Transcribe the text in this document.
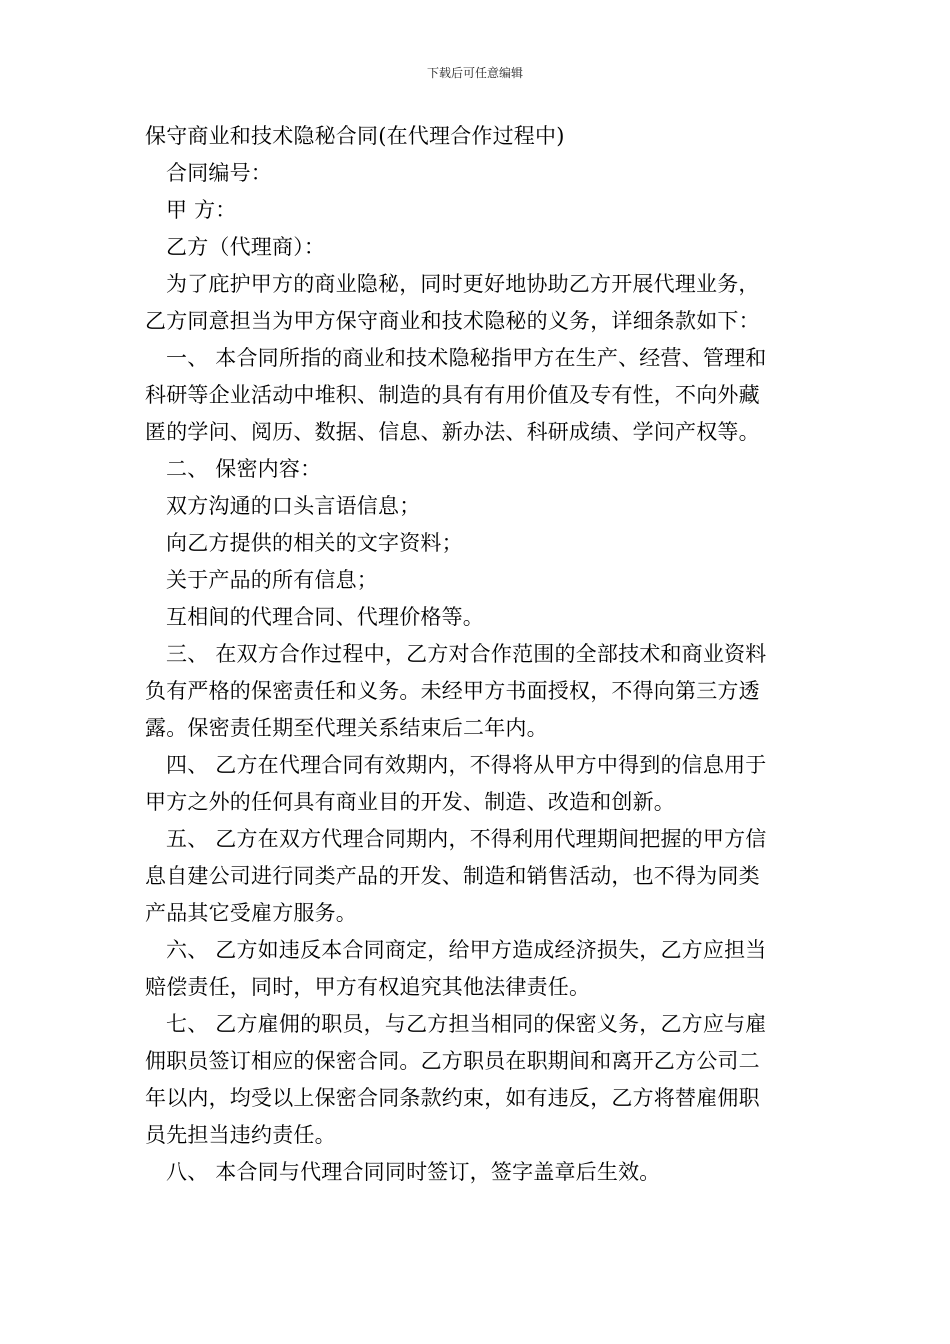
下载后可任意编辑
保守商业和技术隐秘合同(在代理合作过程中)
合同编号：
甲 方：
乙方（代理商）：
为了庇护甲方的商业隐秘，同时更好地协助乙方开展代理业务，
乙方同意担当为甲方保守商业和技术隐秘的义务，详细条款如下：
一、 本合同所指的商业和技术隐秘指甲方在生产、经营、管理和
科研等企业活动中堆积、制造的具有有用价值及专有性，不向外藏
匿的学问、阅历、数据、信息、新办法、科研成绩、学问产权等。
二、 保密内容：
双方沟通的口头言语信息；
向乙方提供的相关的文字资料；
关于产品的所有信息；
互相间的代理合同、代理价格等。
三、 在双方合作过程中，乙方对合作范围的全部技术和商业资料
负有严格的保密责任和义务。未经甲方书面授权，不得向第三方透
露。保密责任期至代理关系结束后二年内。
四、 乙方在代理合同有效期内，不得将从甲方中得到的信息用于
甲方之外的任何具有商业目的开发、制造、改造和创新。
五、 乙方在双方代理合同期内，不得利用代理期间把握的甲方信
息自建公司进行同类产品的开发、制造和销售活动，也不得为同类
产品其它受雇方服务。
六、 乙方如违反本合同商定，给甲方造成经济损失，乙方应担当
赔偿责任，同时，甲方有权追究其他法律责任。
七、 乙方雇佣的职员，与乙方担当相同的保密义务，乙方应与雇
佣职员签订相应的保密合同。乙方职员在职期间和离开乙方公司二
年以内，均受以上保密合同条款约束，如有违反，乙方将替雇佣职
员先担当违约责任。
八、 本合同与代理合同同时签订，签字盖章后生效。
